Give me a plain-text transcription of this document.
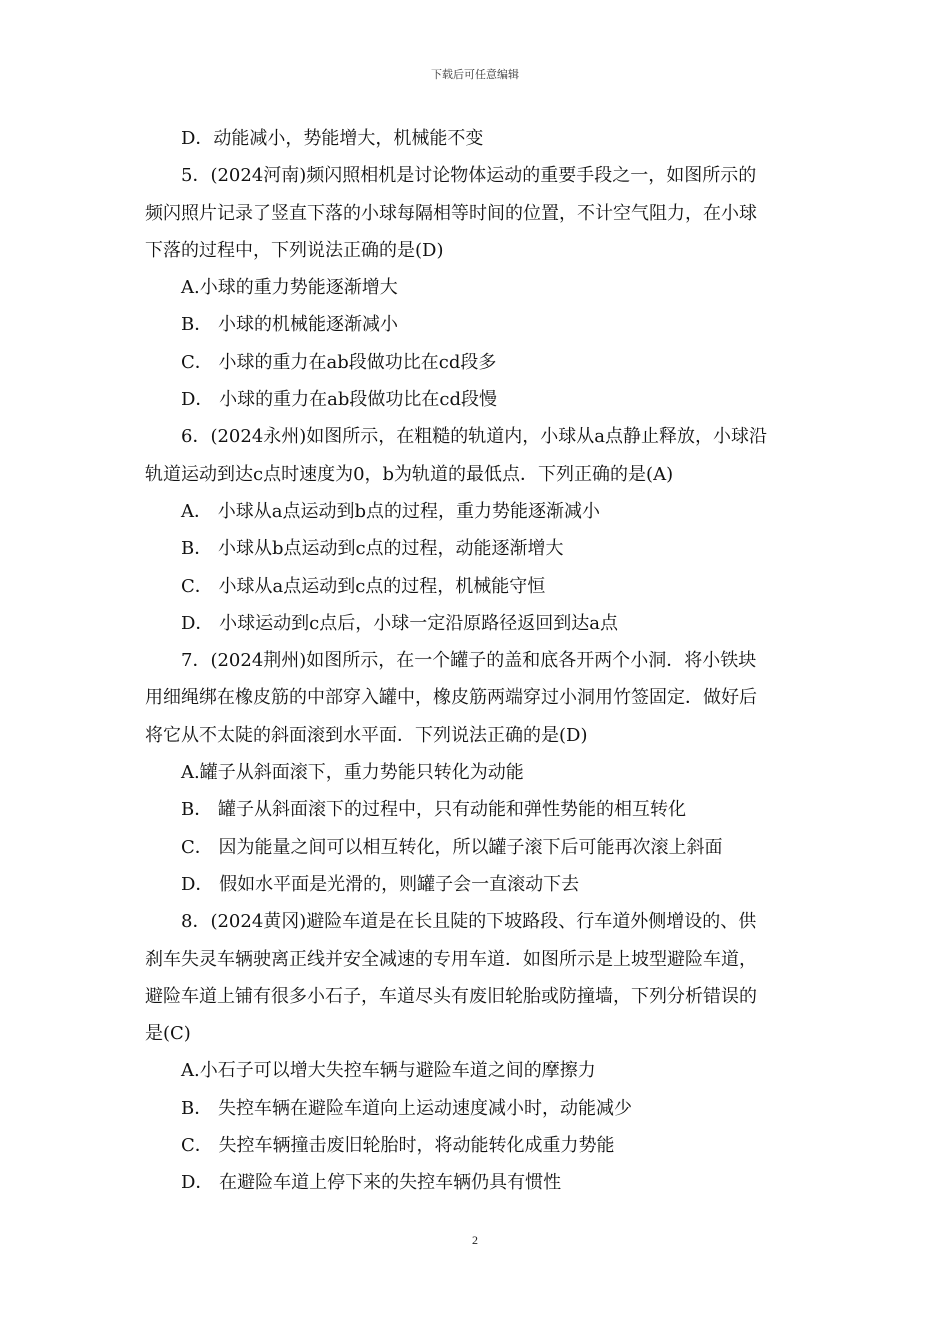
下载后可任意编辑
D．动能减小，势能增大，机械能不变
5．(2024河南)频闪照相机是讨论物体运动的重要手段之一，如图所示的
频闪照片记录了竖直下落的小球每隔相等时间的位置，不计空气阻力，在小球
下落的过程中，下列说法正确的是(D)
A.小球的重力势能逐渐增大
B． 小球的机械能逐渐减小
C． 小球的重力在ab段做功比在cd段多
D． 小球的重力在ab段做功比在cd段慢
6．(2024永州)如图所示，在粗糙的轨道内，小球从a点静止释放，小球沿
轨道运动到达c点时速度为0，b为轨道的最低点．下列正确的是(A)
A． 小球从a点运动到b点的过程，重力势能逐渐减小
B． 小球从b点运动到c点的过程，动能逐渐增大
C． 小球从a点运动到c点的过程，机械能守恒
D． 小球运动到c点后，小球一定沿原路径返回到达a点
7．(2024荆州)如图所示，在一个罐子的盖和底各开两个小洞．将小铁块
用细绳绑在橡皮筋的中部穿入罐中，橡皮筋两端穿过小洞用竹签固定．做好后
将它从不太陡的斜面滚到水平面．下列说法正确的是(D)
A.罐子从斜面滚下，重力势能只转化为动能
B． 罐子从斜面滚下的过程中，只有动能和弹性势能的相互转化
C． 因为能量之间可以相互转化，所以罐子滚下后可能再次滚上斜面
D． 假如水平面是光滑的，则罐子会一直滚动下去
8．(2024黄冈)避险车道是在长且陡的下坡路段、行车道外侧增设的、供
刹车失灵车辆驶离正线并安全减速的专用车道．如图所示是上坡型避险车道，
避险车道上铺有很多小石子，车道尽头有废旧轮胎或防撞墙，下列分析错误的
是(C)
A.小石子可以增大失控车辆与避险车道之间的摩擦力
B． 失控车辆在避险车道向上运动速度减小时，动能减少
C． 失控车辆撞击废旧轮胎时，将动能转化成重力势能
D． 在避险车道上停下来的失控车辆仍具有惯性
2
